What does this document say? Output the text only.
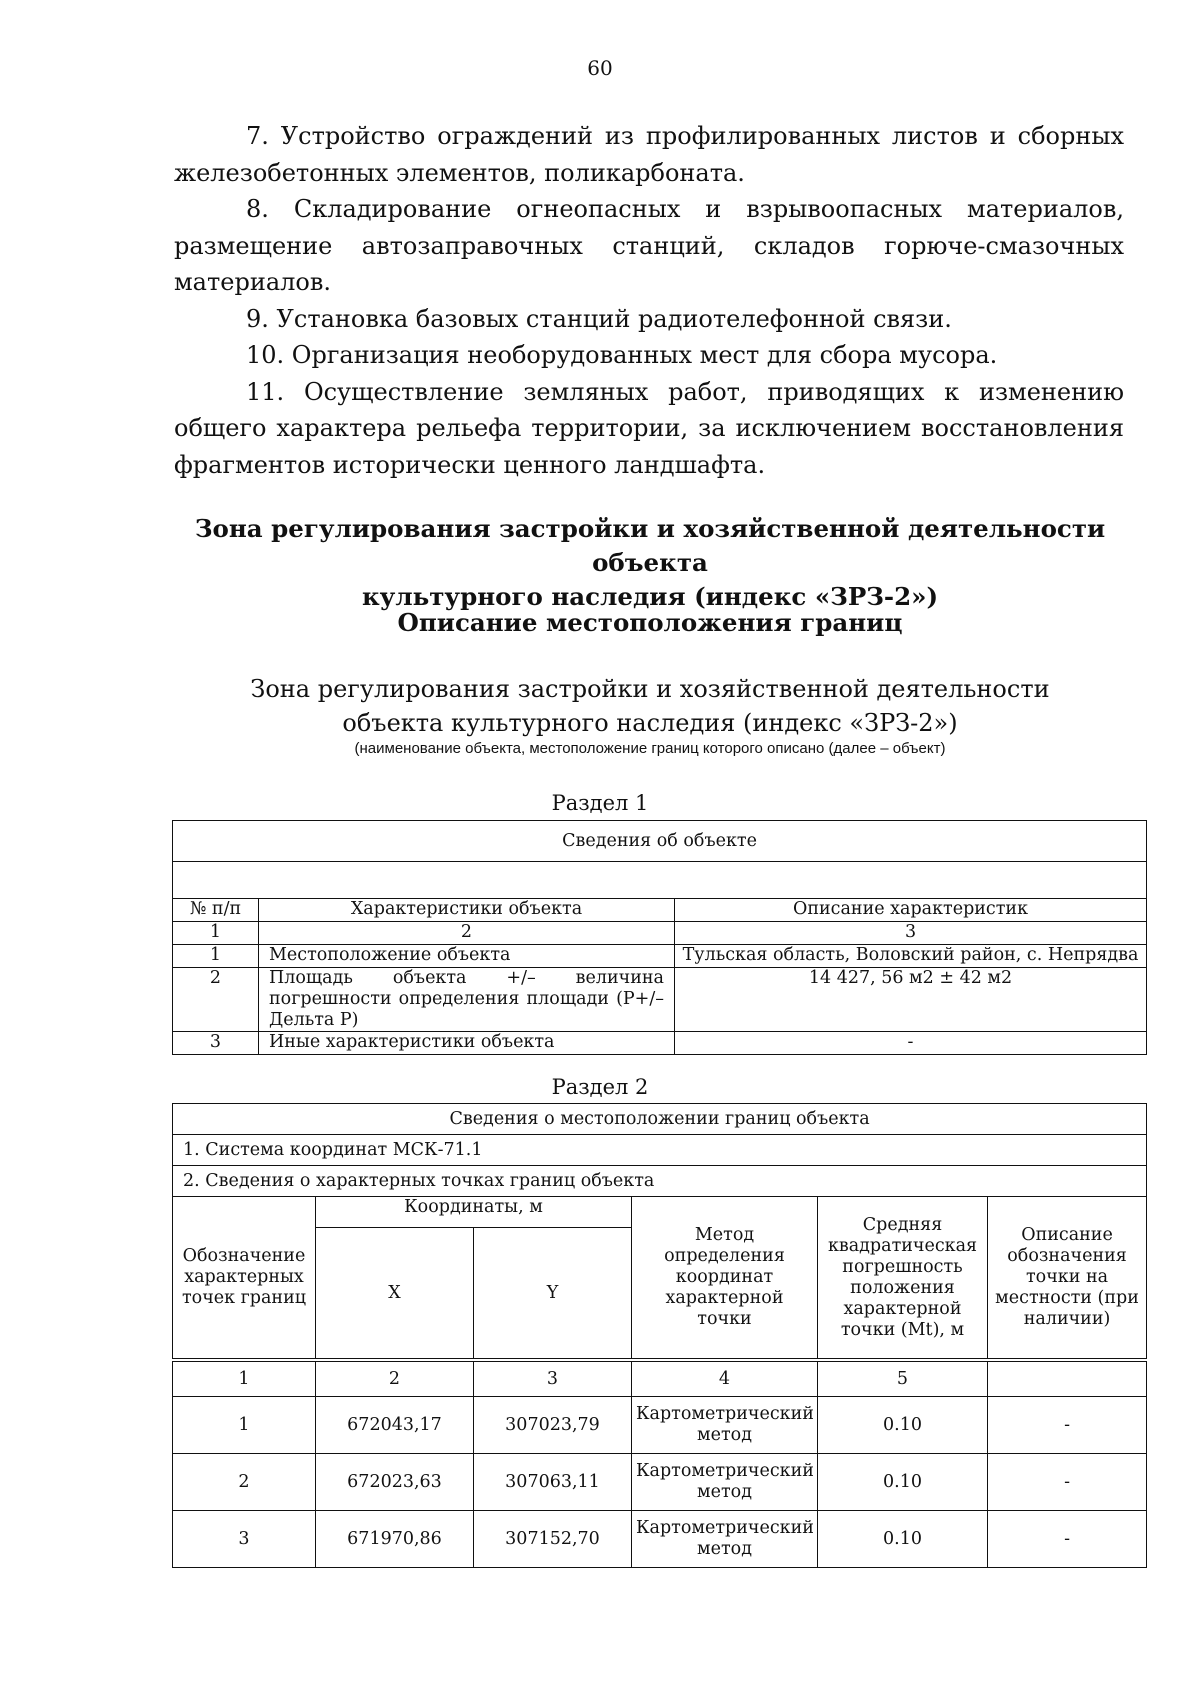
60

7. Устройство ограждений из профилированных листов и сборных железобетонных элементов, поликарбоната.

8. Складирование огнеопасных и взрывоопасных материалов, размещение автозаправочных станций, складов горюче-смазочных материалов.

9. Установка базовых станций радиотелефонной связи.

10. Организация необорудованных мест для сбора мусора.

11. Осуществление земляных работ, приводящих к изменению общего характера рельефа территории, за исключением восстановления фрагментов исторически ценного ландшафта.

Зона регулирования застройки и хозяйственной деятельности объекта
культурного наследия (индекс «ЗРЗ-2»)
Описание местоположения границ
Зона регулирования застройки и хозяйственной деятельности
объекта культурного наследия (индекс «ЗРЗ-2»)
(наименование объекта, местоположение границ которого описано (далее – объект)
Раздел 1
Сведения об объекте		

№ п/п	Характеристики объекта	Описание характеристик
1	2	3
1	Местоположение объекта	Тульская область, Воловский район, с. Непрядва
2	Площадь объекта +/– величина погрешности определения площади (Р+/– Дельта Р)	14 427, 56 м2 ± 42 м2
3	Иные характеристики объекта	-
Раздел 2
Сведения о местоположении границ объекта					
1. Система координат МСК-71.1					
2. Сведения о характерных точках границ объекта					
Обозначение характерных точек границ	Координаты, м		Метод определения координат характерной точки	Средняя квадратическая погрешность положения характерной точки (Mt), м	Описание обозначения точки на местности (при наличии)
	X	Y			
1	2	3	4	5	
1	672043,17	307023,79	Картометрический метод	0.10	-
2	672023,63	307063,11	Картометрический метод	0.10	-
3	671970,86	307152,70	Картометрический метод	0.10	-
